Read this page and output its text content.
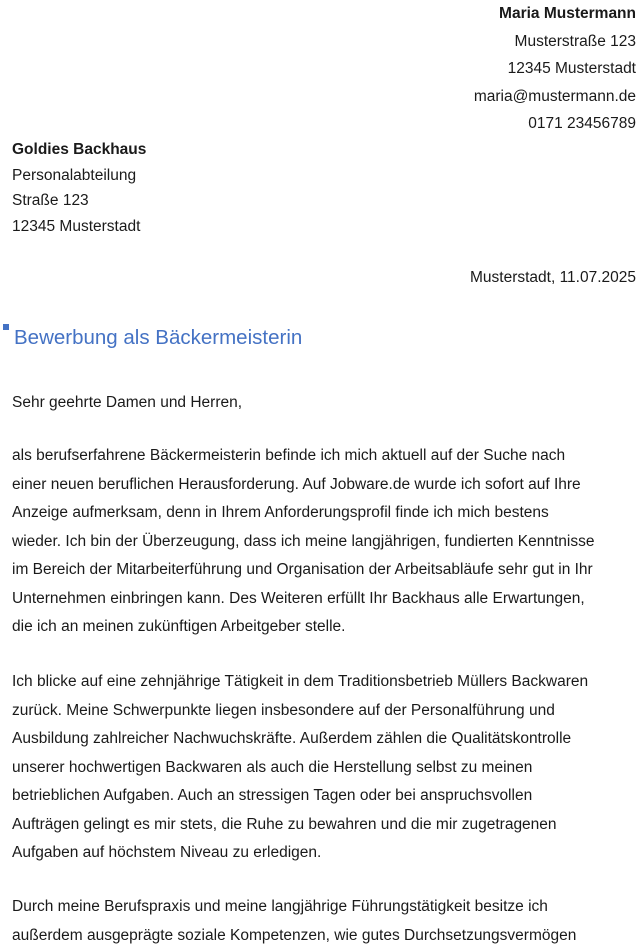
Maria Mustermann
Musterstraße 123
12345 Musterstadt
maria@mustermann.de
0171 23456789
Goldies Backhaus
Personalabteilung
Straße 123
12345 Musterstadt
Musterstadt, 11.07.2025
Bewerbung als Bäckermeisterin
Sehr geehrte Damen und Herren,
als berufserfahrene Bäckermeisterin befinde ich mich aktuell auf der Suche nach
einer neuen beruflichen Herausforderung. Auf Jobware.de wurde ich sofort auf Ihre
Anzeige aufmerksam, denn in Ihrem Anforderungsprofil finde ich mich bestens
wieder. Ich bin der Überzeugung, dass ich meine langjährigen, fundierten Kenntnisse
im Bereich der Mitarbeiterführung und Organisation der Arbeitsabläufe sehr gut in Ihr
Unternehmen einbringen kann. Des Weiteren erfüllt Ihr Backhaus alle Erwartungen,
die ich an meinen zukünftigen Arbeitgeber stelle.
Ich blicke auf eine zehnjährige Tätigkeit in dem Traditionsbetrieb Müllers Backwaren
zurück. Meine Schwerpunkte liegen insbesondere auf der Personalführung und
Ausbildung zahlreicher Nachwuchskräfte. Außerdem zählen die Qualitätskontrolle
unserer hochwertigen Backwaren als auch die Herstellung selbst zu meinen
betrieblichen Aufgaben. Auch an stressigen Tagen oder bei anspruchsvollen
Aufträgen gelingt es mir stets, die Ruhe zu bewahren und die mir zugetragenen
Aufgaben auf höchstem Niveau zu erledigen.
Durch meine Berufspraxis und meine langjährige Führungstätigkeit besitze ich
außerdem ausgeprägte soziale Kompetenzen, wie gutes Durchsetzungsvermögen
